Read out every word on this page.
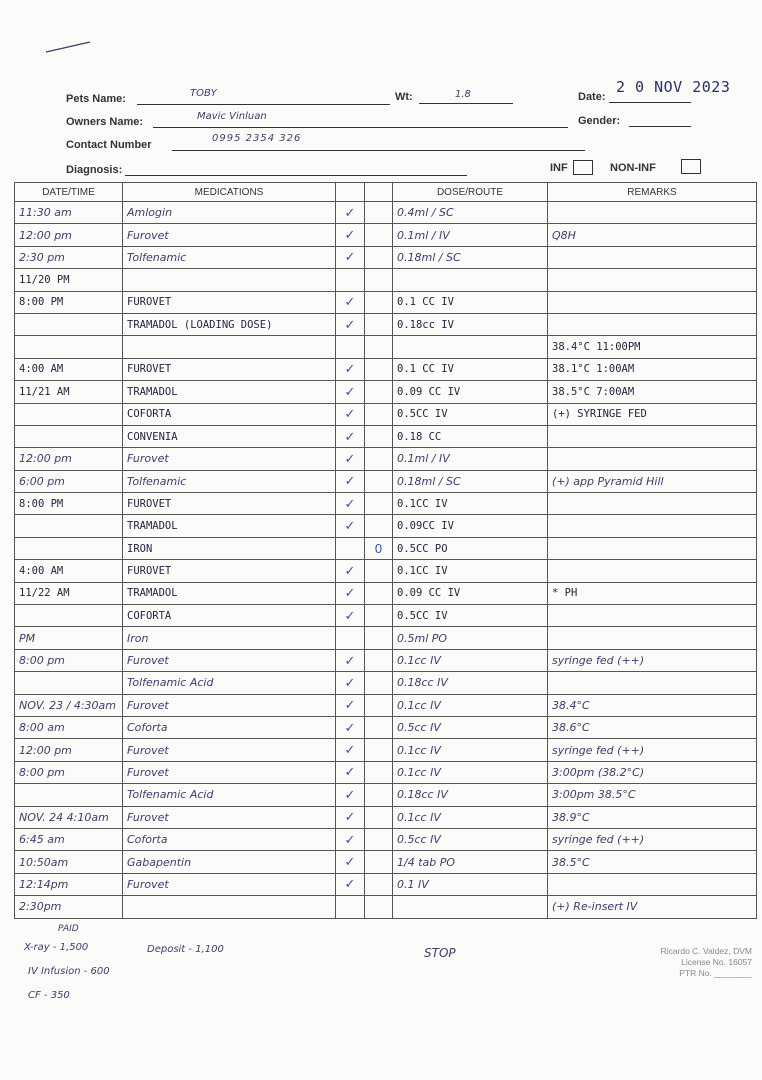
Pets Name:	TOBY	Wt:	1.8	Date:
2 0 NOV 2023
Owners Name:	Mavic Vinluan	Gender:
Contact Number
0995 2354 326
Diagnosis:	INF	NON-INF
DATE/TIME	MEDICATIONS			DOSE/ROUTE	REMARKS
11:30 am	Amlogin	✓		0.4ml / SC	
12:00 pm	Furovet	✓		0.1ml / IV	Q8H
2:30 pm	Tolfenamic	✓		0.18ml / SC	
11/20 PM					
8:00 PM	FUROVET	✓		0.1 CC IV	
	TRAMADOL (LOADING DOSE)	✓		0.18cc IV	
					38.4°C 11:00PM
4:00 AM	FUROVET	✓		0.1 CC IV	38.1°C 1:00AM
11/21 AM	TRAMADOL	✓		0.09 CC IV	38.5°C 7:00AM
	COFORTA	✓		0.5CC IV	(+) SYRINGE FED
	CONVENIA	✓		0.18 CC	
12:00 pm	Furovet	✓		0.1ml / IV	
6:00 pm	Tolfenamic	✓		0.18ml / SC	(+) app Pyramid Hill
8:00 PM	FUROVET	✓		0.1CC IV	
	TRAMADOL	✓		0.09CC IV	
	IRON		0	0.5CC PO	
4:00 AM	FUROVET	✓		0.1CC IV	
11/22 AM	TRAMADOL	✓		0.09 CC IV	* PH
	COFORTA	✓		0.5CC IV	
PM	Iron			0.5ml PO	
8:00 pm	Furovet	✓		0.1cc IV	syringe fed (++)
	Tolfenamic Acid	✓		0.18cc IV	
NOV. 23 / 4:30am	Furovet	✓		0.1cc IV	38.4°C
8:00 am	Coforta	✓		0.5cc IV	38.6°C
12:00 pm	Furovet	✓		0.1cc IV	syringe fed (++)
8:00 pm	Furovet	✓		0.1cc IV	3:00pm (38.2°C)
	Tolfenamic Acid	✓		0.18cc IV	3:00pm 38.5°C
NOV. 24 4:10am	Furovet	✓		0.1cc IV	38.9°C
6:45 am	Coforta	✓		0.5cc IV	syringe fed (++)
10:50am	Gabapentin	✓		1/4 tab PO	38.5°C
12:14pm	Furovet	✓		0.1 IV	
2:30pm					(+) Re-insert IV
PAID
X-ray - 1,500	Deposit - 1,100
IV Infusion - 600
CF - 350
STOP	Ricardo C. Valdez, DVM
License No. 16057
PTR No. ________
